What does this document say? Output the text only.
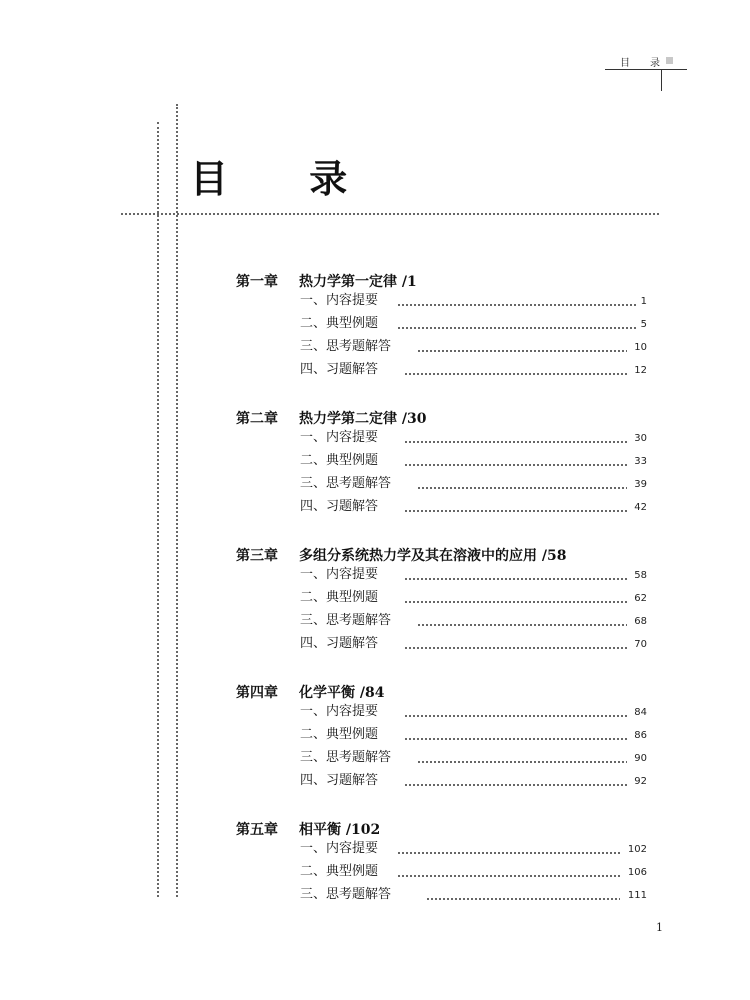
目 录
目 录
第一章 热力学第一定律 /1
一、内容提要	1
二、典型例题	5
三、思考题解答	10
四、习题解答	12
第二章 热力学第二定律 /30
一、内容提要	30
二、典型例题	33
三、思考题解答	39
四、习题解答	42
第三章 多组分系统热力学及其在溶液中的应用 /58
一、内容提要	58
二、典型例题	62
三、思考题解答	68
四、习题解答	70
第四章 化学平衡 /84
一、内容提要	84
二、典型例题	86
三、思考题解答	90
四、习题解答	92
第五章 相平衡 /102
一、内容提要	102
二、典型例题	106
三、思考题解答	111
1
